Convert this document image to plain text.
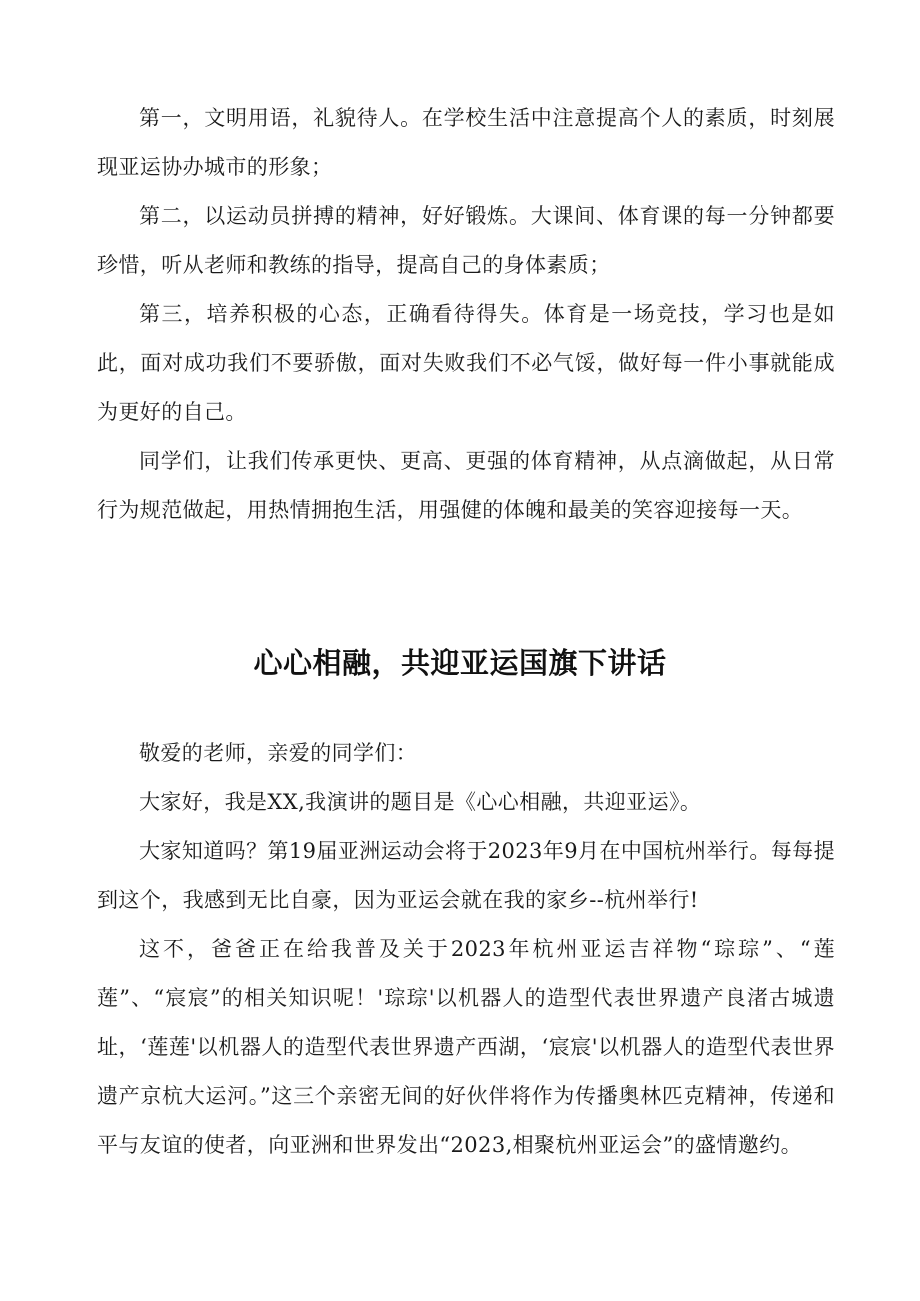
第一，文明用语，礼貌待人。在学校生活中注意提高个人的素质，时刻展现亚运协办城市的形象；

第二，以运动员拼搏的精神，好好锻炼。大课间、体育课的每一分钟都要珍惜，听从老师和教练的指导，提高自己的身体素质；

第三，培养积极的心态，正确看待得失。体育是一场竞技，学习也是如此，面对成功我们不要骄傲，面对失败我们不必气馁，做好每一件小事就能成为更好的自己。

同学们，让我们传承更快、更高、更强的体育精神，从点滴做起，从日常行为规范做起，用热情拥抱生活，用强健的体魄和最美的笑容迎接每一天。

心心相融，共迎亚运国旗下讲话

敬爱的老师，亲爱的同学们：

大家好，我是XX,我演讲的题目是《心心相融，共迎亚运》。

大家知道吗？第19届亚洲运动会将于2023年9月在中国杭州举行。每每提到这个，我感到无比自豪，因为亚运会就在我的家乡--杭州举行!

这不，爸爸正在给我普及关于2023年杭州亚运吉祥物“琮琮”、“莲莲”、“宸宸”的相关知识呢！'琮琮'以机器人的造型代表世界遗产良渚古城遗址，‘莲莲'以机器人的造型代表世界遗产西湖，‘宸宸'以机器人的造型代表世界遗产京杭大运河。”这三个亲密无间的好伙伴将作为传播奥林匹克精神，传递和平与友谊的使者，向亚洲和世界发出“2023,相聚杭州亚运会”的盛情邀约。
